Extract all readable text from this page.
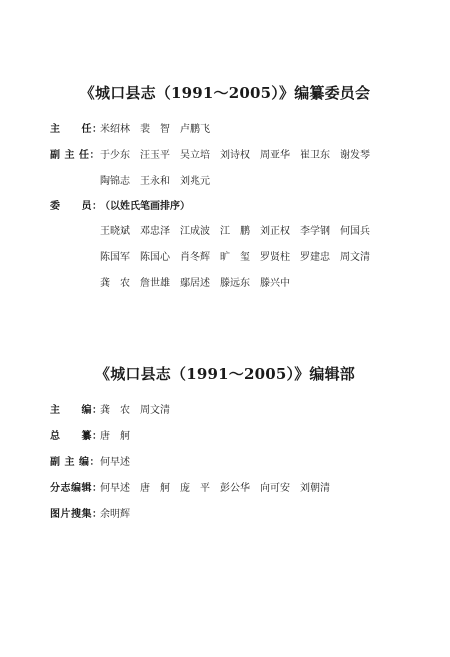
《城口县志（1991～2005）》编纂委员会
主　　任：
米绍林 裴　智 卢鹏飞
副 主 任： 于少东 汪玉平 吴立培 刘诗权 周亚华 崔卫东 谢发琴
陶锦志 王永和 刘兆元
委　　员：
（以姓氏笔画排序）
王晓斌 邓忠泽 江成波 江　鹏 刘正权 李学钢 何国兵
陈国军 陈国心 肖冬辉 旷　玺 罗贤柱 罗建忠 周文清
龚　农 詹世雄 鄢居述 滕远东 滕兴中
《城口县志（1991～2005）》编辑部
主　　编：
龚　农 周文清
总　　纂：
唐　舸
副 主 编： 何早述
分志编辑：
何早述 唐　舸 庞　平 彭公华 向可安 刘朝清
图片搜集：
余明辉
